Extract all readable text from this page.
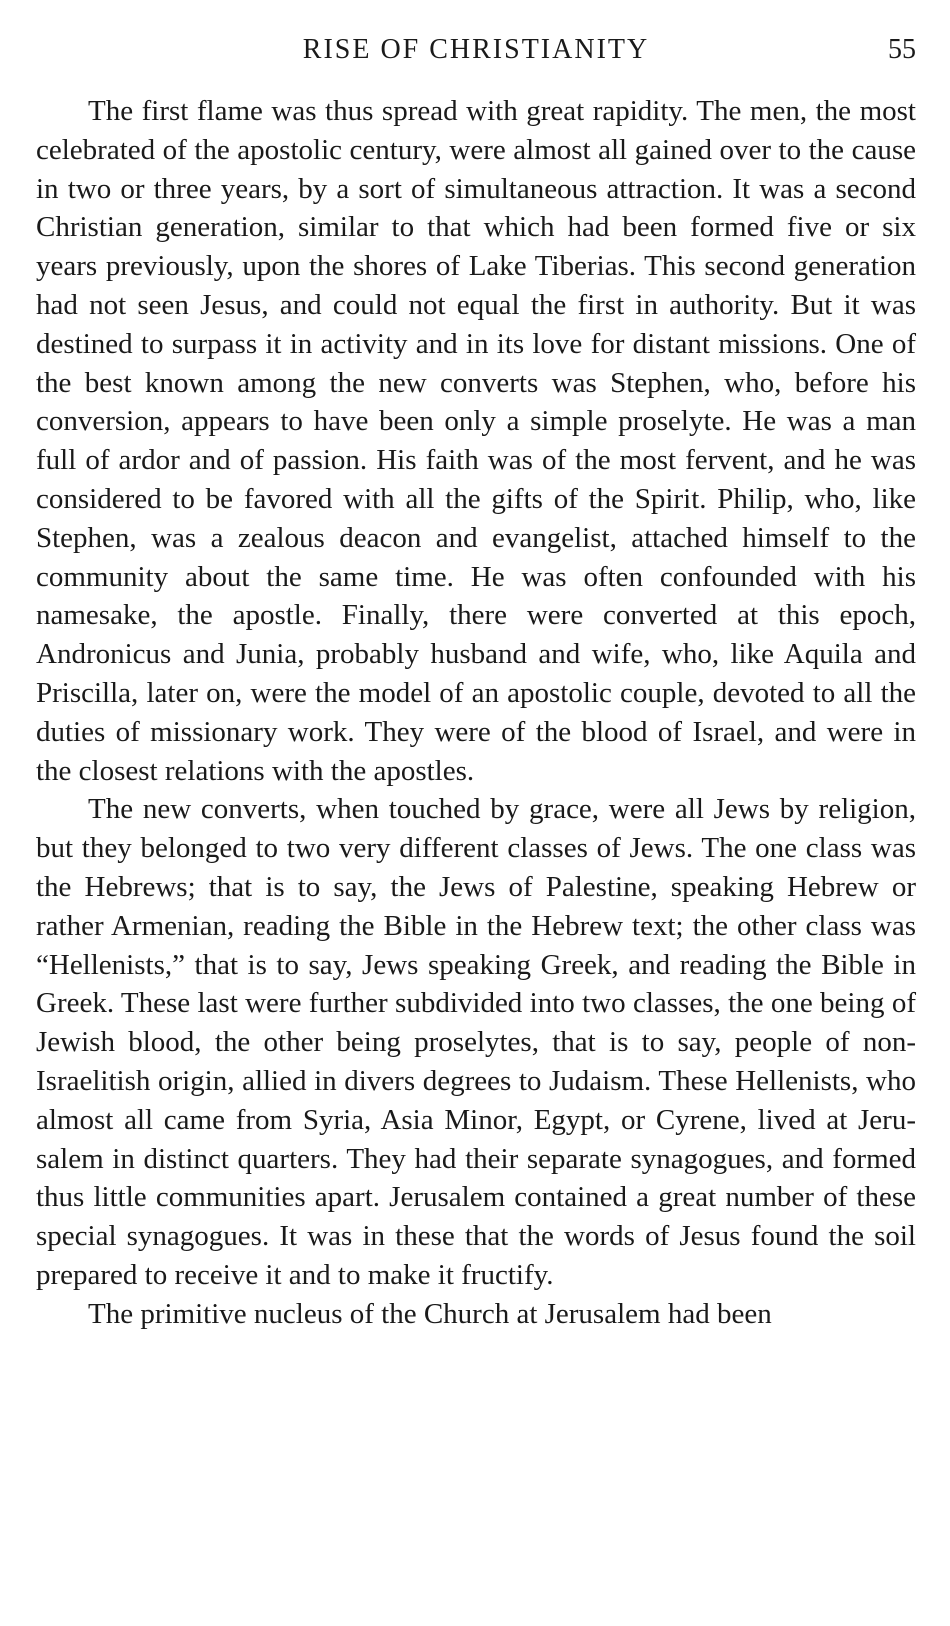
RISE OF CHRISTIANITY	55

The first flame was thus spread with great rapidity. The men, the most celebrated of the apostolic century, were almost all gained over to the cause in two or three years, by a sort of simultaneous attraction. It was a second Christian generation, similar to that which had been formed five or six years previously, upon the shores of Lake Tiberias. This second generation had not seen Jesus, and could not equal the first in authority. But it was destined to surpass it in activity and in its love for distant missions. One of the best known among the new converts was Stephen, who, before his conversion, appears to have been only a simple proselyte. He was a man full of ardor and of passion. His faith was of the most fervent, and he was considered to be favored with all the gifts of the Spirit. Philip, who, like Stephen, was a zealous deacon and evangelist, attached himself to the community about the same time. He was often confounded with his namesake, the apostle. Finally, there were converted at this epoch, Andronicus and Junia, probably husband and wife, who, like Aquila and Priscilla, later on, were the model of an apostolic couple, devoted to all the duties of missionary work. They were of the blood of Israel, and were in the closest relations with the apostles.

The new converts, when touched by grace, were all Jews by religion, but they belonged to two very different classes of Jews. The one class was the Hebrews; that is to say, the Jews of Palestine, speaking Hebrew or rather Armenian, reading the Bible in the Hebrew text; the other class was “Hellenists,” that is to say, Jews speaking Greek, and reading the Bible in Greek. These last were further subdivided into two classes, the one being of Jewish blood, the other being proselytes, that is to say, people of non-Israelitish origin, allied in divers degrees to Judaism. These Hellenists, who almost all came from Syria, Asia Minor, Egypt, or Cyrene, lived at Jerusalem in distinct quarters. They had their separate synagogues, and formed thus little communities apart. Jerusalem contained a great number of these special synagogues. It was in these that the words of Jesus found the soil prepared to receive it and to make it fructify.

The primitive nucleus of the Church at Jerusalem had been
